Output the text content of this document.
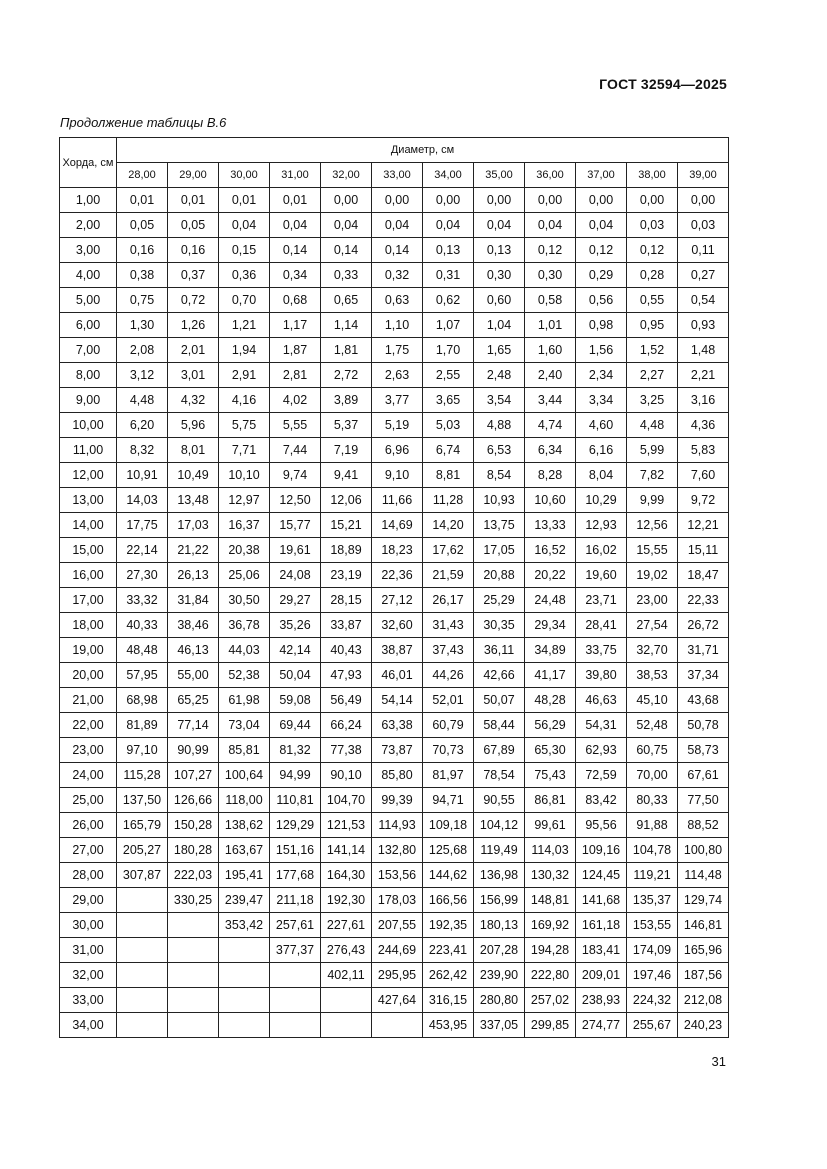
ГОСТ 32594—2025
Продолжение таблицы В.6
Хорда, см	Диаметр, см											
	28,00	29,00	30,00	31,00	32,00	33,00	34,00	35,00	36,00	37,00	38,00	39,00
1,00	0,01	0,01	0,01	0,01	0,00	0,00	0,00	0,00	0,00	0,00	0,00	0,00
2,00	0,05	0,05	0,04	0,04	0,04	0,04	0,04	0,04	0,04	0,04	0,03	0,03
3,00	0,16	0,16	0,15	0,14	0,14	0,14	0,13	0,13	0,12	0,12	0,12	0,11
4,00	0,38	0,37	0,36	0,34	0,33	0,32	0,31	0,30	0,30	0,29	0,28	0,27
5,00	0,75	0,72	0,70	0,68	0,65	0,63	0,62	0,60	0,58	0,56	0,55	0,54
6,00	1,30	1,26	1,21	1,17	1,14	1,10	1,07	1,04	1,01	0,98	0,95	0,93
7,00	2,08	2,01	1,94	1,87	1,81	1,75	1,70	1,65	1,60	1,56	1,52	1,48
8,00	3,12	3,01	2,91	2,81	2,72	2,63	2,55	2,48	2,40	2,34	2,27	2,21
9,00	4,48	4,32	4,16	4,02	3,89	3,77	3,65	3,54	3,44	3,34	3,25	3,16
10,00	6,20	5,96	5,75	5,55	5,37	5,19	5,03	4,88	4,74	4,60	4,48	4,36
11,00	8,32	8,01	7,71	7,44	7,19	6,96	6,74	6,53	6,34	6,16	5,99	5,83
12,00	10,91	10,49	10,10	9,74	9,41	9,10	8,81	8,54	8,28	8,04	7,82	7,60
13,00	14,03	13,48	12,97	12,50	12,06	11,66	11,28	10,93	10,60	10,29	9,99	9,72
14,00	17,75	17,03	16,37	15,77	15,21	14,69	14,20	13,75	13,33	12,93	12,56	12,21
15,00	22,14	21,22	20,38	19,61	18,89	18,23	17,62	17,05	16,52	16,02	15,55	15,11
16,00	27,30	26,13	25,06	24,08	23,19	22,36	21,59	20,88	20,22	19,60	19,02	18,47
17,00	33,32	31,84	30,50	29,27	28,15	27,12	26,17	25,29	24,48	23,71	23,00	22,33
18,00	40,33	38,46	36,78	35,26	33,87	32,60	31,43	30,35	29,34	28,41	27,54	26,72
19,00	48,48	46,13	44,03	42,14	40,43	38,87	37,43	36,11	34,89	33,75	32,70	31,71
20,00	57,95	55,00	52,38	50,04	47,93	46,01	44,26	42,66	41,17	39,80	38,53	37,34
21,00	68,98	65,25	61,98	59,08	56,49	54,14	52,01	50,07	48,28	46,63	45,10	43,68
22,00	81,89	77,14	73,04	69,44	66,24	63,38	60,79	58,44	56,29	54,31	52,48	50,78
23,00	97,10	90,99	85,81	81,32	77,38	73,87	70,73	67,89	65,30	62,93	60,75	58,73
24,00	115,28	107,27	100,64	94,99	90,10	85,80	81,97	78,54	75,43	72,59	70,00	67,61
25,00	137,50	126,66	118,00	110,81	104,70	99,39	94,71	90,55	86,81	83,42	80,33	77,50
26,00	165,79	150,28	138,62	129,29	121,53	114,93	109,18	104,12	99,61	95,56	91,88	88,52
27,00	205,27	180,28	163,67	151,16	141,14	132,80	125,68	119,49	114,03	109,16	104,78	100,80
28,00	307,87	222,03	195,41	177,68	164,30	153,56	144,62	136,98	130,32	124,45	119,21	114,48
29,00		330,25	239,47	211,18	192,30	178,03	166,56	156,99	148,81	141,68	135,37	129,74
30,00			353,42	257,61	227,61	207,55	192,35	180,13	169,92	161,18	153,55	146,81
31,00				377,37	276,43	244,69	223,41	207,28	194,28	183,41	174,09	165,96
32,00					402,11	295,95	262,42	239,90	222,80	209,01	197,46	187,56
33,00						427,64	316,15	280,80	257,02	238,93	224,32	212,08
34,00							453,95	337,05	299,85	274,77	255,67	240,23
31
